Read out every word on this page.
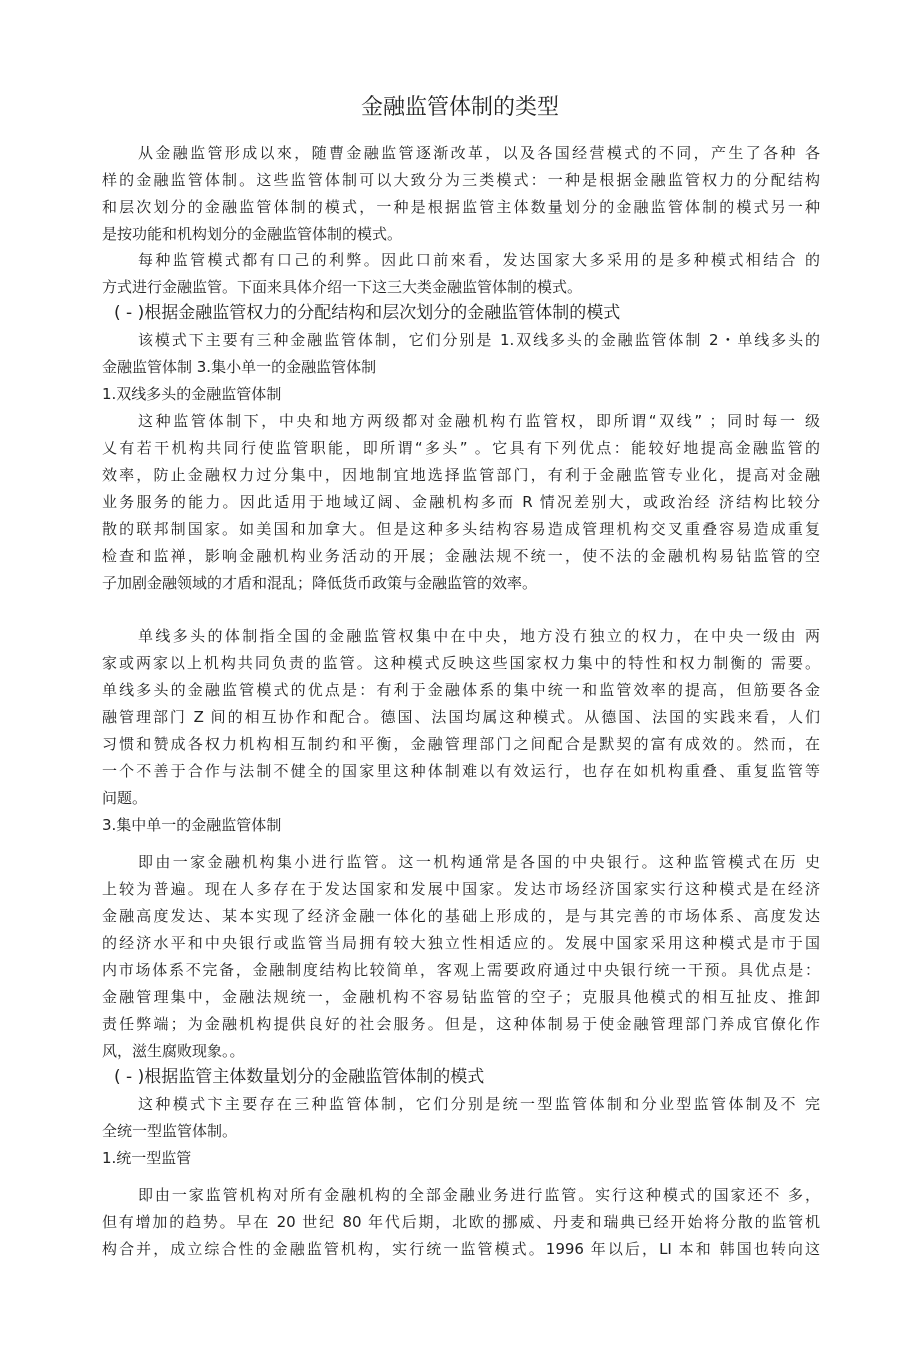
金融监管体制的类型
从金融监管形成以來，随曹金融监管逐渐改革，以及各国经营模式的不同，产生了各种 各
样的金融监管体制。这些监管体制可以大致分为三类模式：一种是根据金融监管权力的分配结构
和层次划分的金融监管体制的模式，一种是根据监管主体数量划分的金融监管体制的模式另一种
是按功能和机构划分的金融监管体制的模式。
每种监管模式都有口己的利弊。因此口前來看，发达国家大多采用的是多种模式相结合 的
方式进行金融监管。下面来具体介绍一下这三大类金融监管体制的模式。
( - )根据金融监管权力的分配结构和层次划分的金融监管体制的模式
该模式下主要有三种金融监管体制，它们分别是 1.双线多头的金融监管体制 2・单线多头的
金融监管体制 3.集小单一的金融监管体制
1.双线多头的金融监管体制
这种监管体制下，中央和地方两级都对金融机构冇监管权，即所谓“双线” ；同时每一 级
乂有若干机构共同行使监管职能，即所谓“多头” 。它具有下列优点：能较好地提高金融监管的
效率，防止金融权力过分集中，因地制宜地选择监管部门，有利于金融监管专业化，提高对金融
业务服务的能力。因此适用于地域辽阔、金融机构多而 R 情况差别大，或政治经 济结构比较分
散的联邦制国家。如美国和加拿大。但是这种多头结构容易造成管理机构交叉重叠容易造成重复
检查和监禅，影响金融机构业务活动的开展；金融法规不统一，使不法的金融机构易钻监管的空
子加剧金融领域的才盾和混乱；降低货币政策与金融监管的效率。
单线多头的体制指全国的金融监管权集中在中央，地方没冇独立的权力，在中央一级由 两
家或两家以上机构共同负责的监管。这种模式反映这些国家权力集中的特性和权力制衡的 需要。
单线多头的金融监管模式的优点是：有利于金融体系的集中统一和监管效率的提高，但筋要各金
融管理部门 Z 间的相互协作和配合。德国、法国均属这种模式。从德国、法国的实践来看，人们
习惯和赞成各权力机构相互制约和平衡，金融管理部门之间配合是默契的富有成效的。然而，在
一个不善于合作与法制不健全的国家里这种体制难以有效运行，也存在如机构重叠、重复监管等
问题。
3.集中单一的金融监管体制
即由一家金融机构集小进行监管。这一机构通常是各国的中央银行。这种监管模式在历 史
上较为普遍。现在人多存在于发达国家和发展中国家。发达市场经济国家实行这种模式是在经济
金融高度发达、某本实现了经济金融一体化的基础上形成的，是与其完善的市场体系、高度发达
的经济水平和中央银行或监管当局拥有较大独立性相适应的。发展中国家采用这种模式是市于国
内市场体系不完备，金融制度结构比较简单，客观上需要政府通过中央银行统一干预。具优点是：
金融管理集中，金融法规统一，金融机构不容易钻监管的空子；克服具他模式的相互扯皮、推卸
责任弊端；为金融机构提供良好的社会服务。但是，这种体制易于使金融管理部门养成官僚化作
风，滋生腐败现象。。
( - )根据监管主体数量划分的金融监管体制的模式
这种模式卞主要存在三种监管体制，它们分别是统一型监管体制和分业型监管体制及不 完
全统一型监管体制。
1.统一型监管
即由一家监管机构对所有金融机构的全部金融业务进行监管。实行这种模式的国家还不 多，
但有增加的趋势。早在 20 世纪 80 年代后期，北欧的挪威、丹麦和瑞典已经开始将分散的监管机
构合并，成立综合性的金融监管机构，实行统一监管模式。1996 年以后，LI 本和 韩国也转向这
